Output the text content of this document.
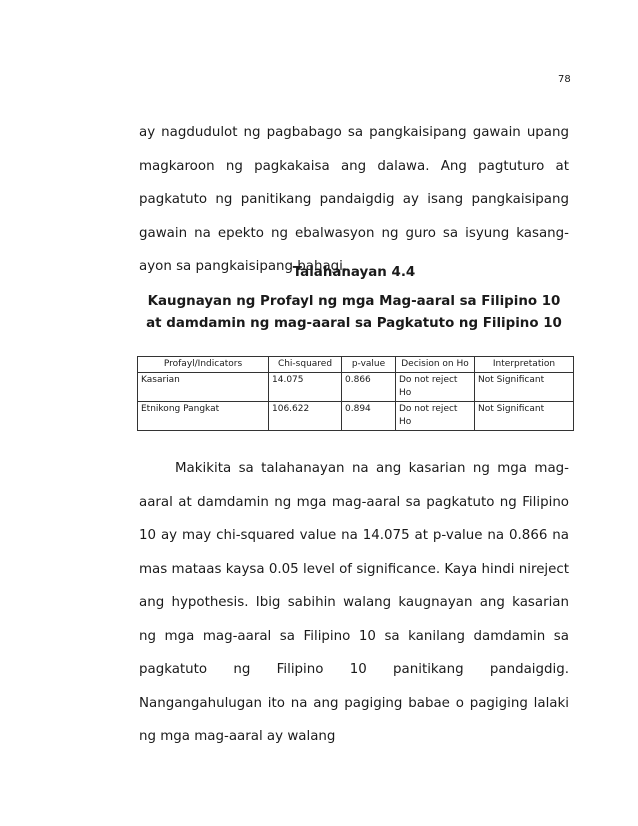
78

ay nagdudulot ng pagbabago sa pangkaisipang gawain upang magkaroon ng pagkakaisa ang dalawa. Ang pagtuturo at pagkatuto ng panitikang pandaigdig ay isang pangkaisipang gawain na epekto ng ebalwasyon ng guro sa isyung kasang-ayon sa pangkaisipang bahagi.

Talahanayan 4.4

Kaugnayan ng Profayl ng mga Mag-aaral sa Filipino 10 at damdamin ng mag-aaral sa Pagkatuto ng Filipino 10

Profayl/Indicators	Chi-squared	p-value	Decision on Ho	Interpretation
Kasarian	14.075	0.866	Do not reject Ho	Not Significant
Etnikong Pangkat	106.622	0.894	Do not reject Ho	Not Significant

Makikita sa talahanayan na ang kasarian ng mga mag-aaral at damdamin ng mga mag-aaral sa pagkatuto ng Filipino 10 ay may chi-squared value na 14.075 at p-value na 0.866 na mas mataas kaysa 0.05 level of significance. Kaya hindi nireject ang hypothesis. Ibig sabihin walang kaugnayan ang kasarian ng mga mag-aaral sa Filipino 10 sa kanilang damdamin sa pagkatuto ng Filipino 10 panitikang pandaigdig. Nangangahulugan ito na ang pagiging babae o pagiging lalaki ng mga mag-aaral ay walang
